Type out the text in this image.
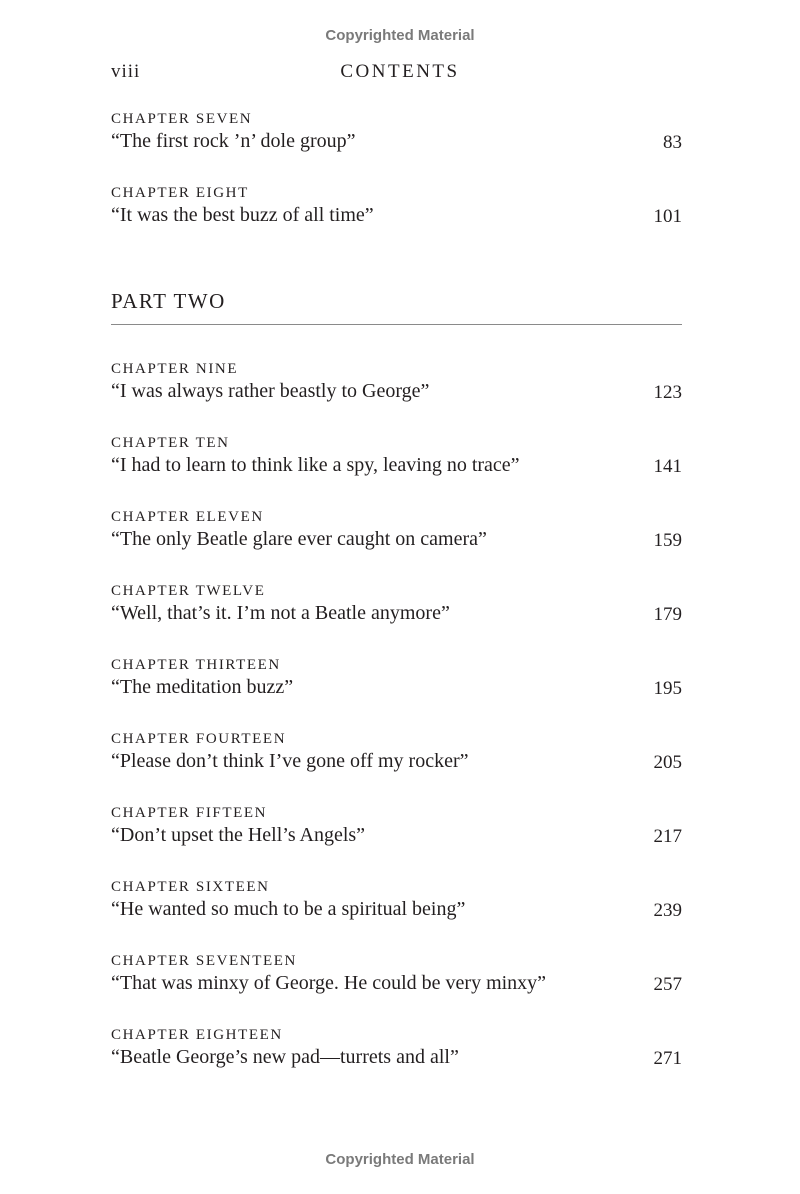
Copyrighted Material
viii	CONTENTS
CHAPTER SEVEN
“The first rock ’n’ dole group”	83
CHAPTER EIGHT
“It was the best buzz of all time”	101
PART TWO
CHAPTER NINE
“I was always rather beastly to George”	123
CHAPTER TEN
“I had to learn to think like a spy, leaving no trace”	141
CHAPTER ELEVEN
“The only Beatle glare ever caught on camera”	159
CHAPTER TWELVE
“Well, that’s it. I’m not a Beatle anymore”	179
CHAPTER THIRTEEN
“The meditation buzz”	195
CHAPTER FOURTEEN
“Please don’t think I’ve gone off my rocker”	205
CHAPTER FIFTEEN
“Don’t upset the Hell’s Angels”	217
CHAPTER SIXTEEN
“He wanted so much to be a spiritual being”	239
CHAPTER SEVENTEEN
“That was minxy of George. He could be very minxy”	257
CHAPTER EIGHTEEN
“Beatle George’s new pad—turrets and all”	271
Copyrighted Material
